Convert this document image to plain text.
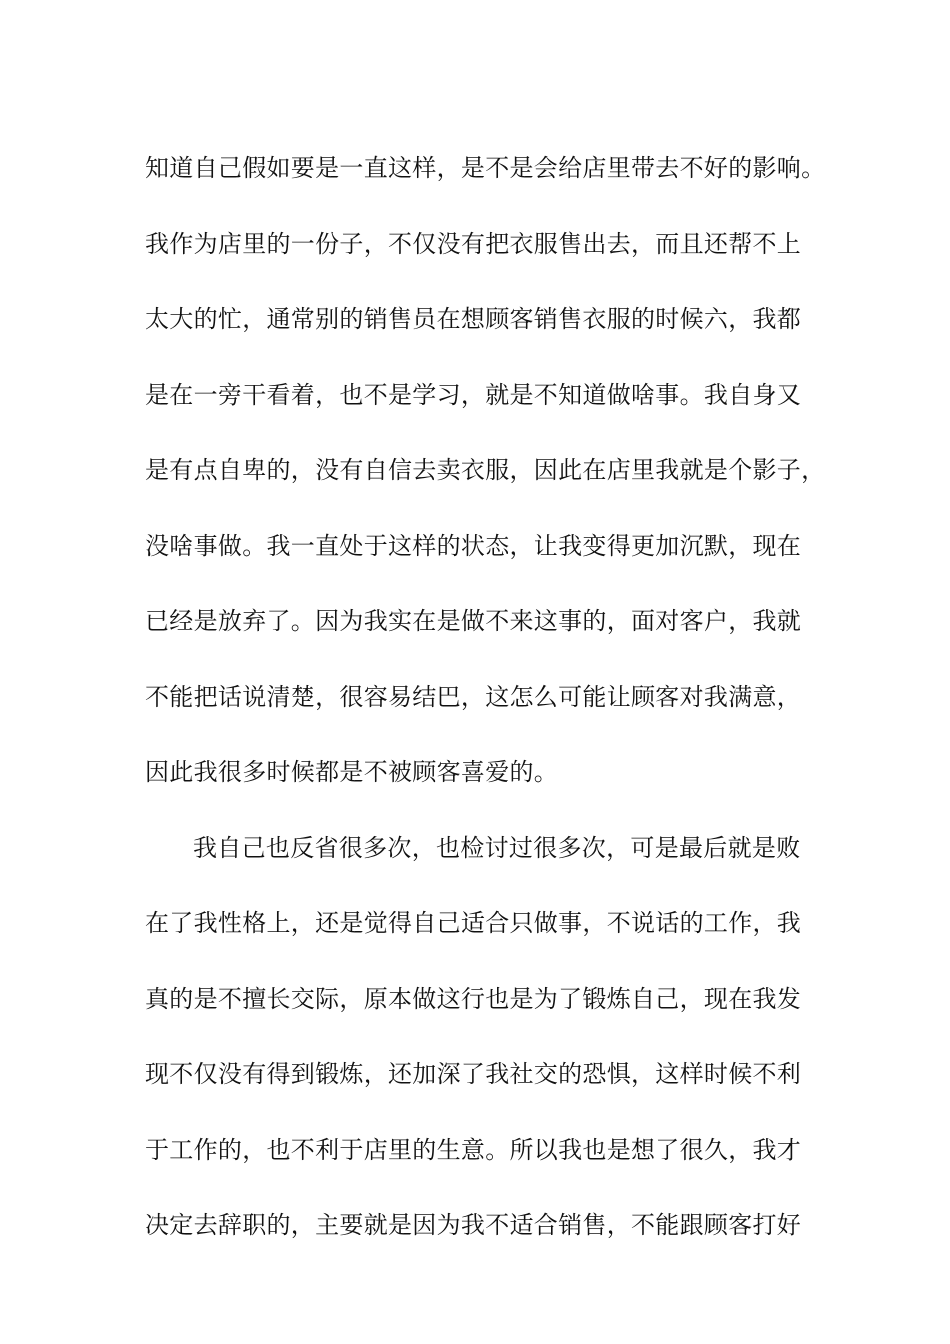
知道自己假如要是一直这样，是不是会给店里带去不好的影响。
我作为店里的一份子，不仅没有把衣服售出去，而且还帮不上
太大的忙，通常别的销售员在想顾客销售衣服的时候六，我都
是在一旁干看着，也不是学习，就是不知道做啥事。我自身又
是有点自卑的，没有自信去卖衣服，因此在店里我就是个影子，
没啥事做。我一直处于这样的状态，让我变得更加沉默，现在
已经是放弃了。因为我实在是做不来这事的，面对客户，我就
不能把话说清楚，很容易结巴，这怎么可能让顾客对我满意，
因此我很多时候都是不被顾客喜爱的。
我自己也反省很多次，也检讨过很多次，可是最后就是败
在了我性格上，还是觉得自己适合只做事，不说话的工作，我
真的是不擅长交际，原本做这行也是为了锻炼自己，现在我发
现不仅没有得到锻炼，还加深了我社交的恐惧，这样时候不利
于工作的，也不利于店里的生意。所以我也是想了很久，我才
决定去辞职的，主要就是因为我不适合销售，不能跟顾客打好
